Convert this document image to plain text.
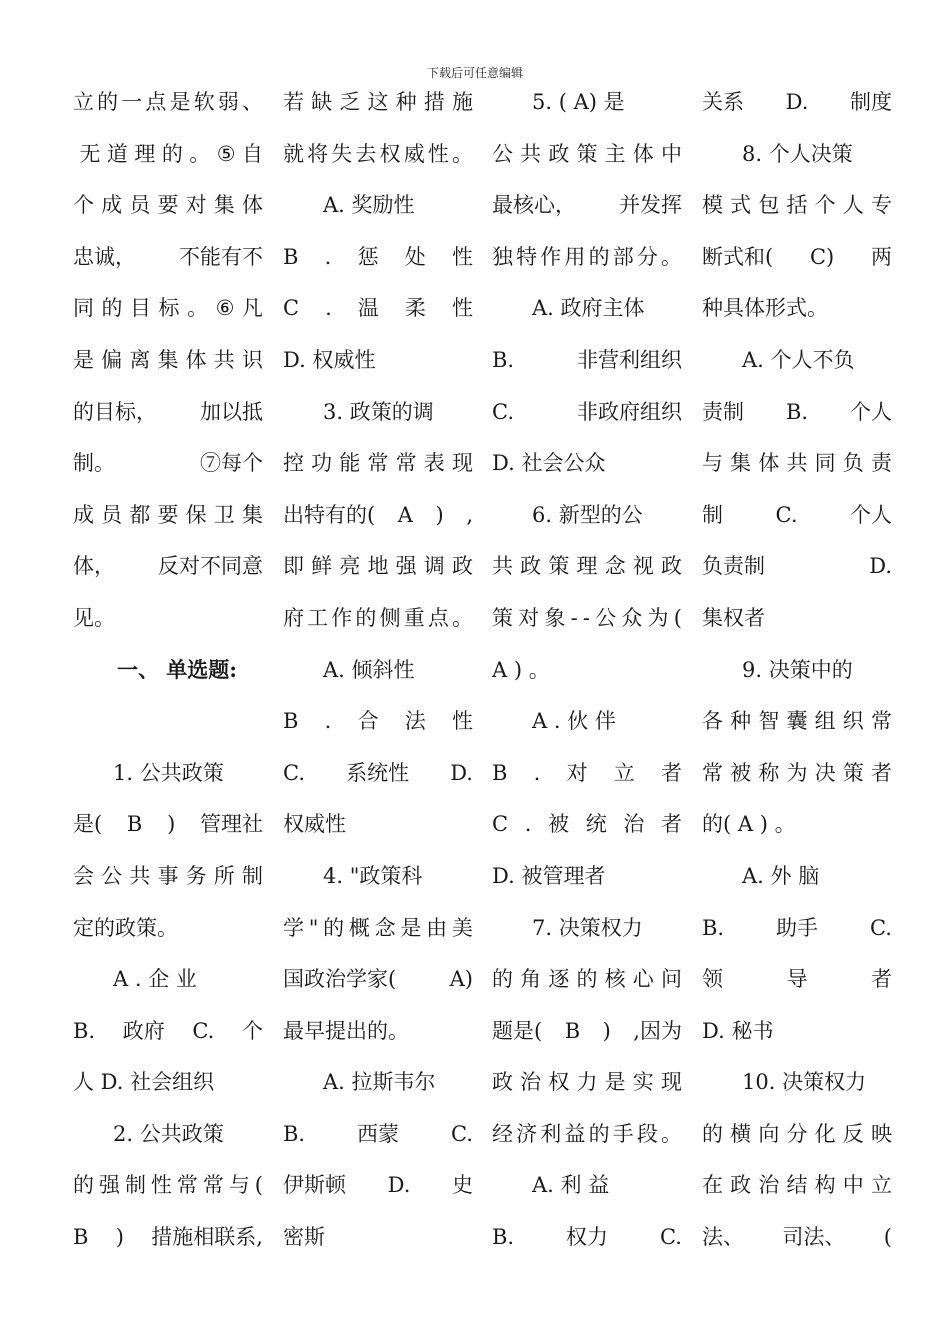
下载后可任意编辑
立 的 一 点 是 软 弱 、
无 道 理 的 。 ⑤ 自
个 成 员 要 对 集 体
忠诚， 不能有不
同 的 目 标 。 ⑥ 凡
是 偏 离 集 体 共 识
的目标， 加以抵
制。	⑦每个
成 员 都 要 保 卫 集
体， 反对不同意
见。
一、 单选题:
1. 公共政策
是( B ) 管理社
会 公 共 事 务 所 制
定的政策。
A . 企 业
B. 政府 C. 个
人 D. 社会组织
2. 公共政策
的 强 制 性 常 常 与 (
B ) 措施相联系,
若 缺 乏 这 种 措 施
就 将 失 去 权 威 性 。
A. 奖励性
B . 惩 处 性
C . 温 柔 性
D. 权威性
3. 政策的调
控 功 能 常 常 表 现
出特有的( A ) ,
即 鲜 亮 地 强 调 政
府 工 作 的 侧 重 点 。
A. 倾斜性
B . 合 法 性
C. 系统性 D.
权威性
4. "政策科
学 " 的 概 念 是 由 美
国政治学家(	A)
最早提出的。
A. 拉斯韦尔
B. 西蒙 C.
伊斯顿 D. 史
密斯
5. ( A) 是
公 共 政 策 主 体 中
最核心， 并发挥
独 特 作 用 的 部 分 。
A. 政府主体
B.	非营利组织
C.	非政府组织
D. 社会公众
6. 新型的公
共 政 策 理 念 视 政
策 对 象 - - 公 众 为 (
A ) 。
A . 伙 伴
B . 对 立 者
C . 被 统 治 者
D. 被管理者
7. 决策权力
的 角 逐 的 核 心 问
题是( B ) ,因为
政 治 权 力 是 实 现
经 济 利 益 的 手 段 。
A. 利 益
B. 权力 C.
关系 D. 制度
8. 个人决策
模 式 包 括 个 人 专
断式和( C) 两
种具体形式。
A. 个人不负
责制 B. 个人
与 集 体 共 同 负 责
制	C.	个人
负责制	D.
集权者
9. 决策中的
各 种 智 囊 组 织 常
常 被 称 为 决 策 者
的( A ) 。
A. 外 脑
B. 助手 C.
领	导	者
D. 秘书
10. 决策权力
的 横 向 分 化 反 映
在 政 治 结 构 中 立
法、 司法、 (
